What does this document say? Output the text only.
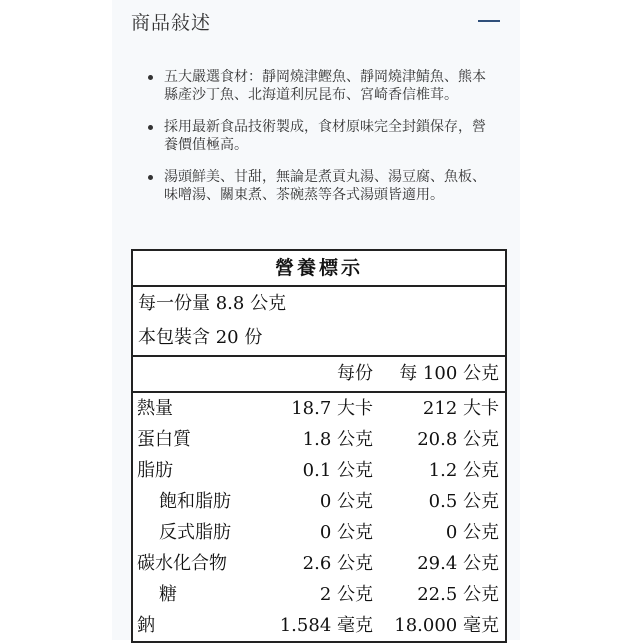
商品敍述
五大嚴選食材：靜岡燒津鰹魚、靜岡燒津鯖魚、熊本縣產沙丁魚、北海道利尻昆布、宮崎香信椎茸。
採用最新食品技術製成，食材原味完全封鎖保存，營養價值極高。
湯頭鮮美、甘甜，無論是煮貢丸湯、湯豆腐、魚板、味噌湯、關東煮、茶碗蒸等各式湯頭皆適用。
營養標示
每一份量 8.8 公克
本包裝含 20 份
每份	每 100 公克
熱量	18.7 大卡	212 大卡
蛋白質	1.8 公克	20.8 公克
脂肪	0.1 公克	1.2 公克
飽和脂肪	0 公克	0.5 公克
反式脂肪	0 公克	0 公克
碳水化合物	2.6 公克	29.4 公克
糖	2 公克	22.5 公克
鈉	1.584 毫克	18.000 毫克
